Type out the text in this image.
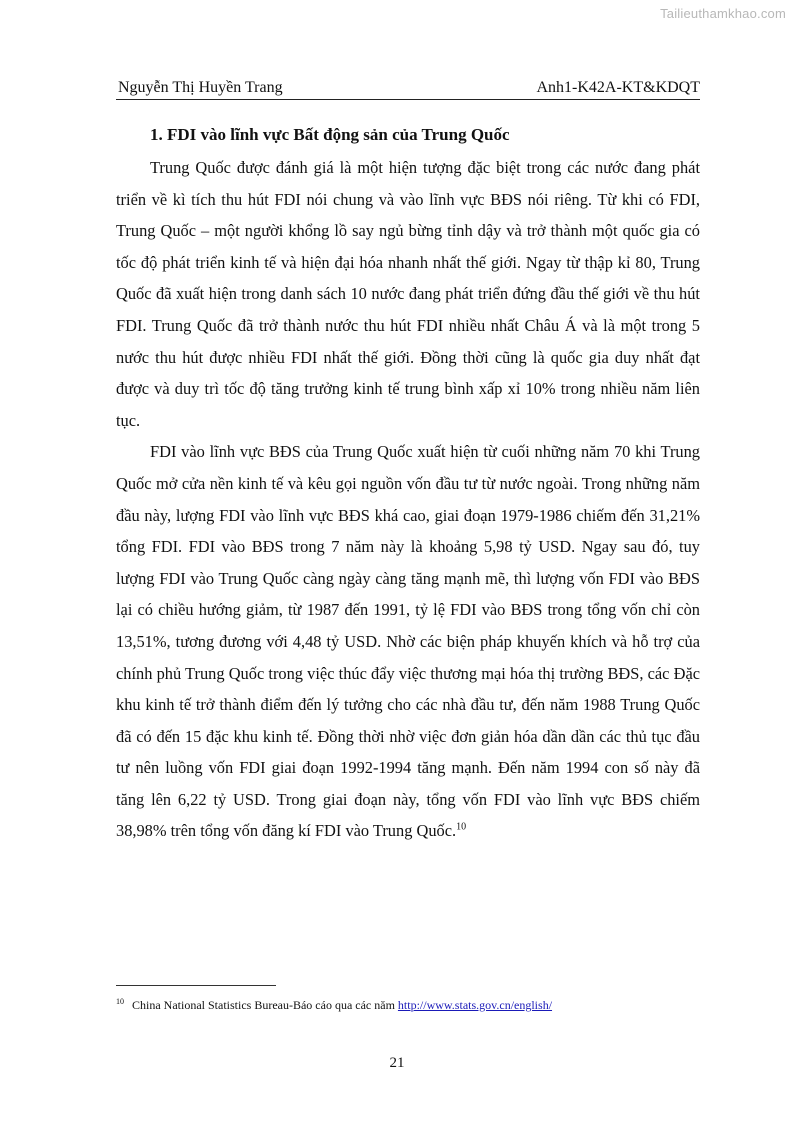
Tailieuthamkhao.com
Nguyễn Thị Huyền Trang	Anh1-K42A-KT&KDQT
1. FDI vào lĩnh vực Bất động sản của Trung Quốc

Trung Quốc được đánh giá là một hiện tượng đặc biệt trong các nước đang phát triển về kì tích thu hút FDI nói chung và vào lĩnh vực BĐS nói riêng. Từ khi có FDI, Trung Quốc – một người khổng lồ say ngủ bừng tỉnh dậy và trở thành một quốc gia có tốc độ phát triển kinh tế và hiện đại hóa nhanh nhất thế giới. Ngay từ thập kỉ 80, Trung Quốc đã xuất hiện trong danh sách 10 nước đang phát triển đứng đầu thế giới về thu hút FDI. Trung Quốc đã trở thành nước thu hút FDI nhiều nhất Châu Á và là một trong 5 nước thu hút được nhiều FDI nhất thế giới. Đồng thời cũng là quốc gia duy nhất đạt được và duy trì tốc độ tăng trưởng kinh tế trung bình xấp xỉ 10% trong nhiều năm liên tục.

FDI vào lĩnh vực BĐS của Trung Quốc xuất hiện từ cuối những năm 70 khi Trung Quốc mở cửa nền kinh tế và kêu gọi nguồn vốn đầu tư từ nước ngoài. Trong những năm đầu này, lượng FDI vào lĩnh vực BĐS khá cao, giai đoạn 1979-1986 chiếm đến 31,21% tổng FDI. FDI vào BĐS trong 7 năm này là khoảng 5,98 tỷ USD. Ngay sau đó, tuy lượng FDI vào Trung Quốc càng ngày càng tăng mạnh mẽ, thì lượng vốn FDI vào BĐS lại có chiều hướng giảm, từ 1987 đến 1991, tỷ lệ FDI vào BĐS trong tổng vốn chỉ còn 13,51%, tương đương với 4,48 tỷ USD. Nhờ các biện pháp khuyến khích và hỗ trợ của chính phủ Trung Quốc trong việc thúc đẩy việc thương mại hóa thị trường BĐS, các Đặc khu kinh tế trở thành điểm đến lý tưởng cho các nhà đầu tư, đến năm 1988 Trung Quốc đã có đến 15 đặc khu kinh tế. Đồng thời nhờ việc đơn giản hóa dần dần các thủ tục đầu tư nên luồng vốn FDI giai đoạn 1992-1994 tăng mạnh. Đến năm 1994 con số này đã tăng lên 6,22 tỷ USD. Trong giai đoạn này, tổng vốn FDI vào lĩnh vực BĐS chiếm 38,98% trên tổng vốn đăng kí FDI vào Trung Quốc.$^{10}$

$^{10}$ China National Statistics Bureau-Báo cáo qua các năm http://www.stats.gov.cn/english/
21
